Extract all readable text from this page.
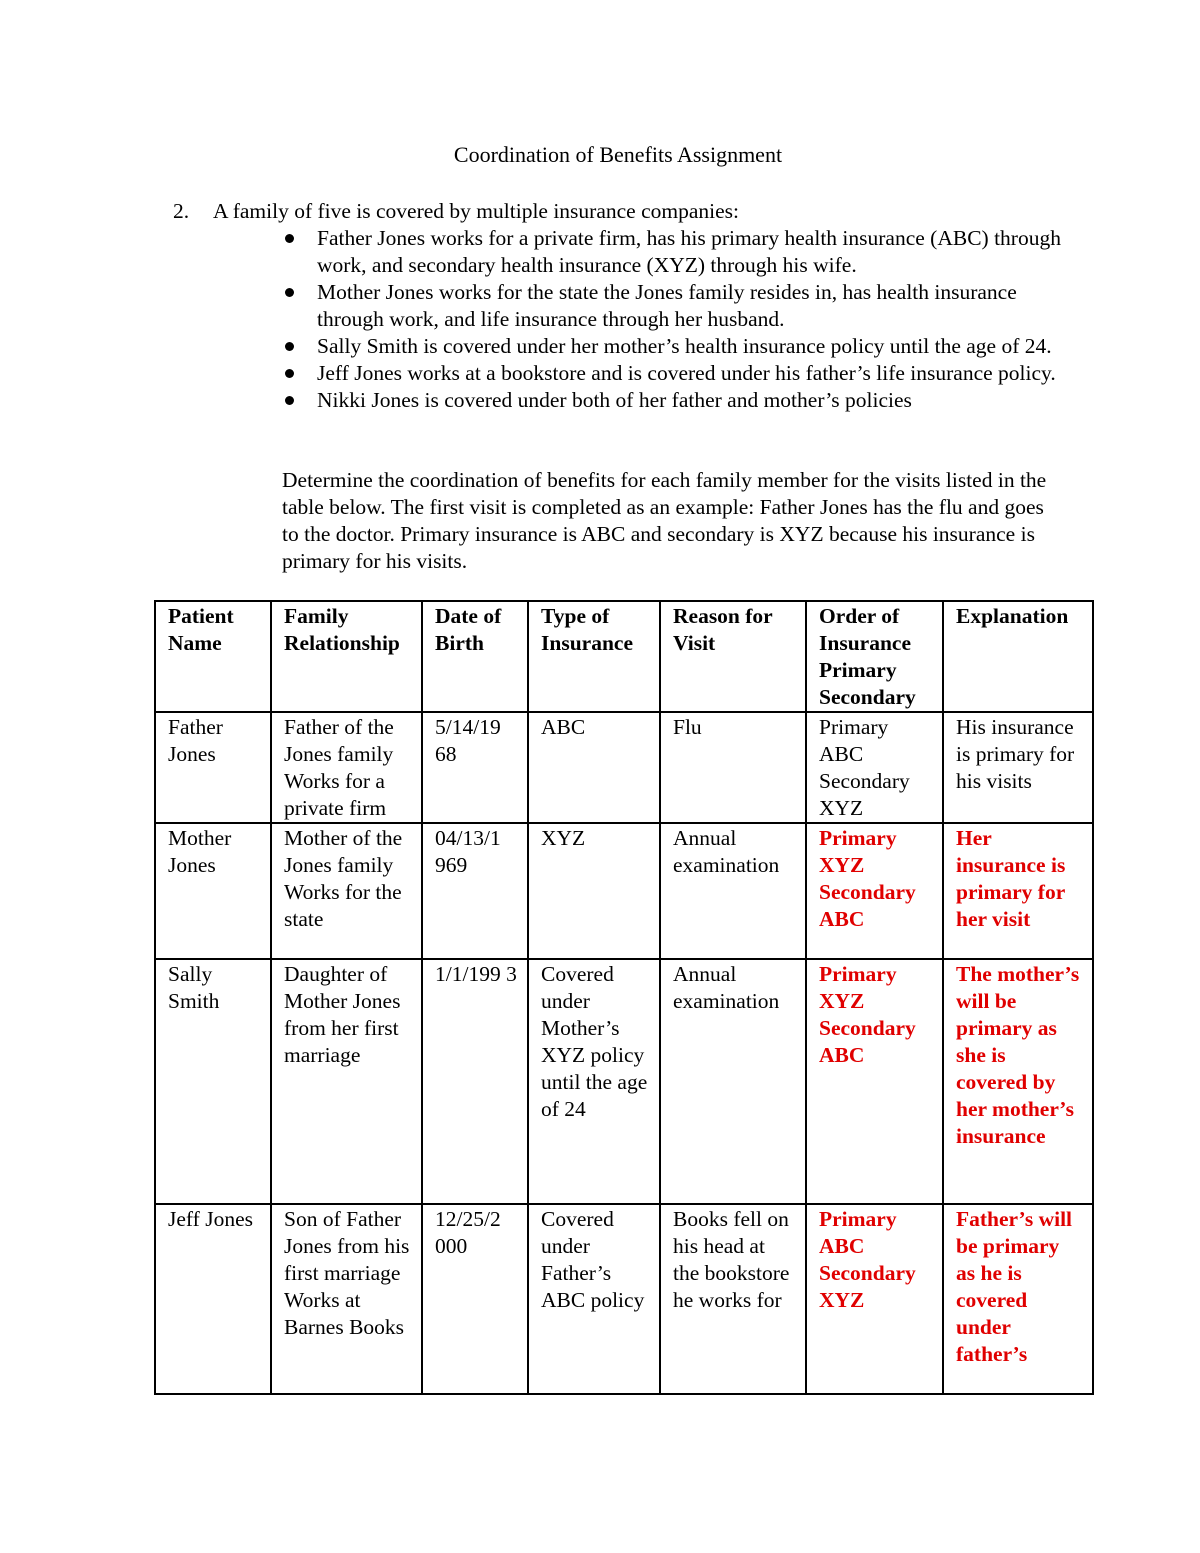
Coordination of Benefits Assignment
2. A family of five is covered by multiple insurance companies:
Father Jones works for a private firm, has his primary health insurance (ABC) through work, and secondary health insurance (XYZ) through his wife.
Mother Jones works for the state the Jones family resides in, has health insurance through work, and life insurance through her husband.
Sally Smith is covered under her mother’s health insurance policy until the age of 24.
Jeff Jones works at a bookstore and is covered under his father’s life insurance policy.
Nikki Jones is covered under both of her father and mother’s policies
Determine the coordination of benefits for each family member for the visits listed in the table below. The first visit is completed as an example: Father Jones has the flu and goes to the doctor. Primary insurance is ABC and secondary is XYZ because his insurance is primary for his visits.
Patient Name	Family Relationship	Date of Birth	Type of Insurance	Reason for Visit	Order of Insurance Primary Secondary	Explanation
Father Jones	Father of the Jones family Works for a private firm	5/14/19 68	ABC	Flu	Primary ABC Secondary XYZ	His insurance is primary for his visits
Mother Jones	Mother of the Jones family Works for the state	04/13/1 969	XYZ	Annual examination	Primary XYZ Secondary ABC	Her insurance is primary for her visit
Sally Smith	Daughter of Mother Jones from her first marriage	1/1/199 3	Covered under Mother’s XYZ policy until the age of 24	Annual examination	Primary XYZ Secondary ABC	The mother’s will be primary as she is covered by her mother’s insurance
Jeff Jones	Son of Father Jones from his first marriage Works at Barnes Books	12/25/2 000	Covered under Father’s ABC policy	Books fell on his head at the bookstore he works for	Primary ABC Secondary XYZ	Father’s will be primary as he is covered under father’s
